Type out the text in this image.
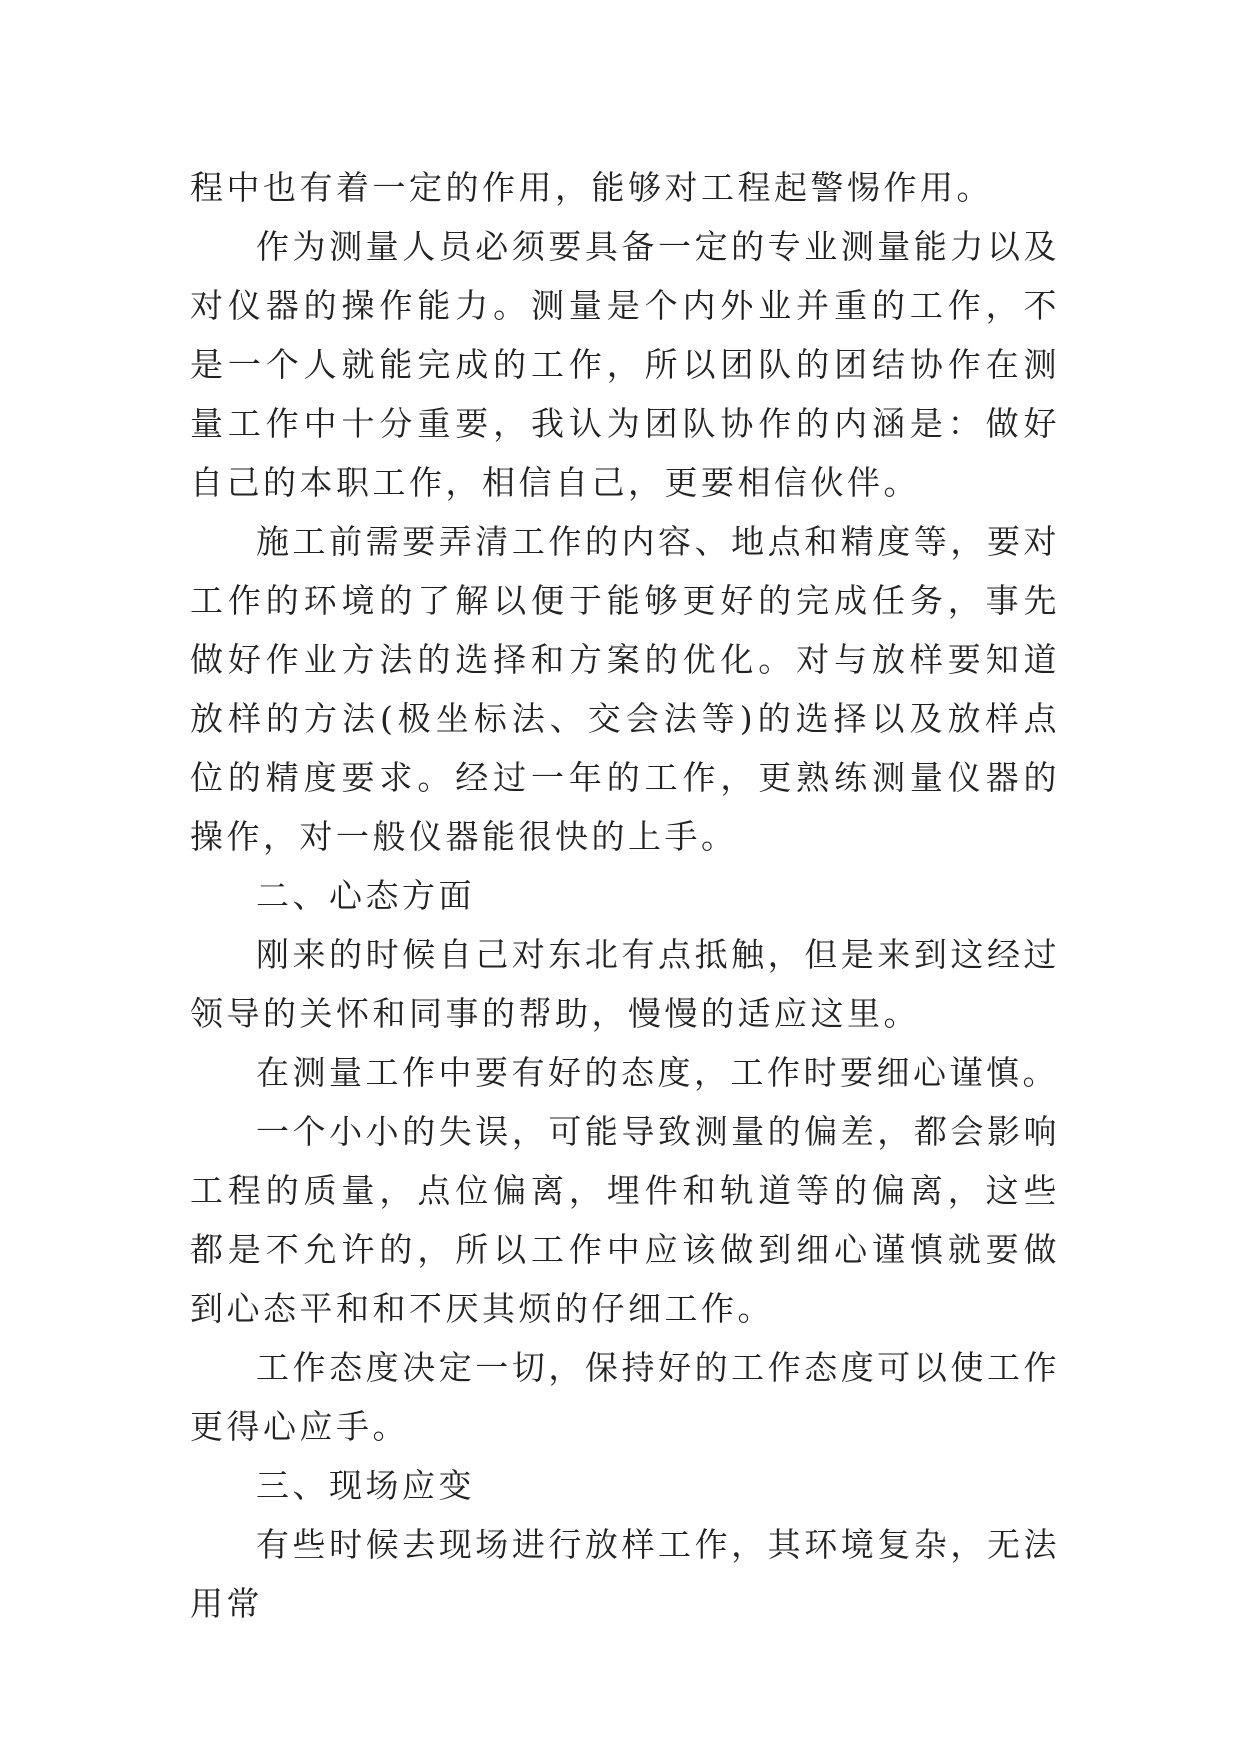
程中也有着一定的作用，能够对工程起警惕作用。

作为测量人员必须要具备一定的专业测量能力以及对仪器的操作能力。测量是个内外业并重的工作，不是一个人就能完成的工作，所以团队的团结协作在测量工作中十分重要，我认为团队协作的内涵是：做好自己的本职工作，相信自己，更要相信伙伴。

施工前需要弄清工作的内容、地点和精度等，要对工作的环境的了解以便于能够更好的完成任务，事先做好作业方法的选择和方案的优化。对与放样要知道放样的方法(极坐标法、交会法等)的选择以及放样点位的精度要求。经过一年的工作，更熟练测量仪器的操作，对一般仪器能很快的上手。

二、心态方面

刚来的时候自己对东北有点抵触，但是来到这经过领导的关怀和同事的帮助，慢慢的适应这里。

在测量工作中要有好的态度，工作时要细心谨慎。

一个小小的失误，可能导致测量的偏差，都会影响工程的质量，点位偏离，埋件和轨道等的偏离，这些都是不允许的，所以工作中应该做到细心谨慎就要做到心态平和和不厌其烦的仔细工作。

工作态度决定一切，保持好的工作态度可以使工作更得心应手。

三、现场应变

有些时候去现场进行放样工作，其环境复杂，无法用常
